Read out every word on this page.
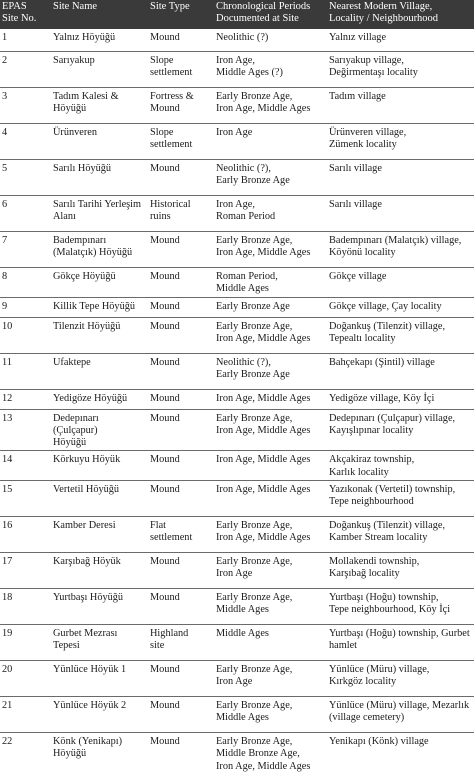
EPAS
Site No.	Site Name	Site Type	Chronological Periods
Documented at Site	Nearest Modern Village,
Locality / Neighbourhood
1	Yalnız Höyüğü	Mound	Neolithic (?)	Yalnız village
2	Sarıyakup	Slope
settlement	Iron Age,
Middle Ages (?)	Sarıyakup village,
Değirmentaşı locality
3	Tadım Kalesi &
Höyüğü	Fortress &
Mound	Early Bronze Age,
Iron Age, Middle Ages	Tadım village
4	Ürünveren	Slope
settlement	Iron Age	Ürünveren village,
Zümenk locality
5	Sarılı Höyüğü	Mound	Neolithic (?),
Early Bronze Age	Sarılı village
6	Sarılı Tarihi Yerleşim
Alanı	Historical
ruins	Iron Age,
Roman Period	Sarılı village
7	Badempınarı
(Malatçık) Höyüğü	Mound	Early Bronze Age,
Iron Age, Middle Ages	Badempınarı (Malatçık) village,
Köyönü locality
8	Gökçe Höyüğü	Mound	Roman Period,
Middle Ages	Gökçe village
9	Killik Tepe Höyüğü	Mound	Early Bronze Age	Gökçe village, Çay locality
10	Tilenzit Höyüğü	Mound	Early Bronze Age,
Iron Age, Middle Ages	Doğankuş (Tilenzit) village,
Tepealtı locality
11	Ufaktepe	Mound	Neolithic (?),
Early Bronze Age	Bahçekapı (Şintil) village
12	Yedigöze Höyüğü	Mound	Iron Age, Middle Ages	Yedigöze village, Köy İçi
13	Dedepınarı (Çulçapur)
Höyüğü	Mound	Early Bronze Age,
Iron Age, Middle Ages	Dedepınarı (Çulçapur) village,
Kayışlıpınar locality
14	Körkuyu Höyük	Mound	Iron Age, Middle Ages	Akçakiraz township,
Karlık locality
15	Vertetil Höyüğü	Mound	Iron Age, Middle Ages	Yazıkonak (Vertetil) township,
Tepe neighbourhood
16	Kamber Deresi	Flat
settlement	Early Bronze Age,
Iron Age, Middle Ages	Doğankuş (Tilenzit) village,
Kamber Stream locality
17	Karşıbağ Höyük	Mound	Early Bronze Age,
Iron Age	Mollakendi township,
Karşıbağ locality
18	Yurtbaşı Höyüğü	Mound	Early Bronze Age,
Middle Ages	Yurtbaşı (Hoğu) township,
Tepe neighbourhood, Köy İçi
19	Gurbet Mezrası
Tepesi	Highland
site	Middle Ages	Yurtbaşı (Hoğu) township, Gurbet
hamlet
20	Yünlüce Höyük 1	Mound	Early Bronze Age,
Iron Age	Yünlüce (Müru) village,
Kırkgöz locality
21	Yünlüce Höyük 2	Mound	Early Bronze Age,
Middle Ages	Yünlüce (Müru) village, Mezarlık
(village cemetery)
22	Könk (Yenikapı)
Höyüğü	Mound	Early Bronze Age,
Middle Bronze Age,
Iron Age, Middle Ages	Yenikapı (Könk) village
